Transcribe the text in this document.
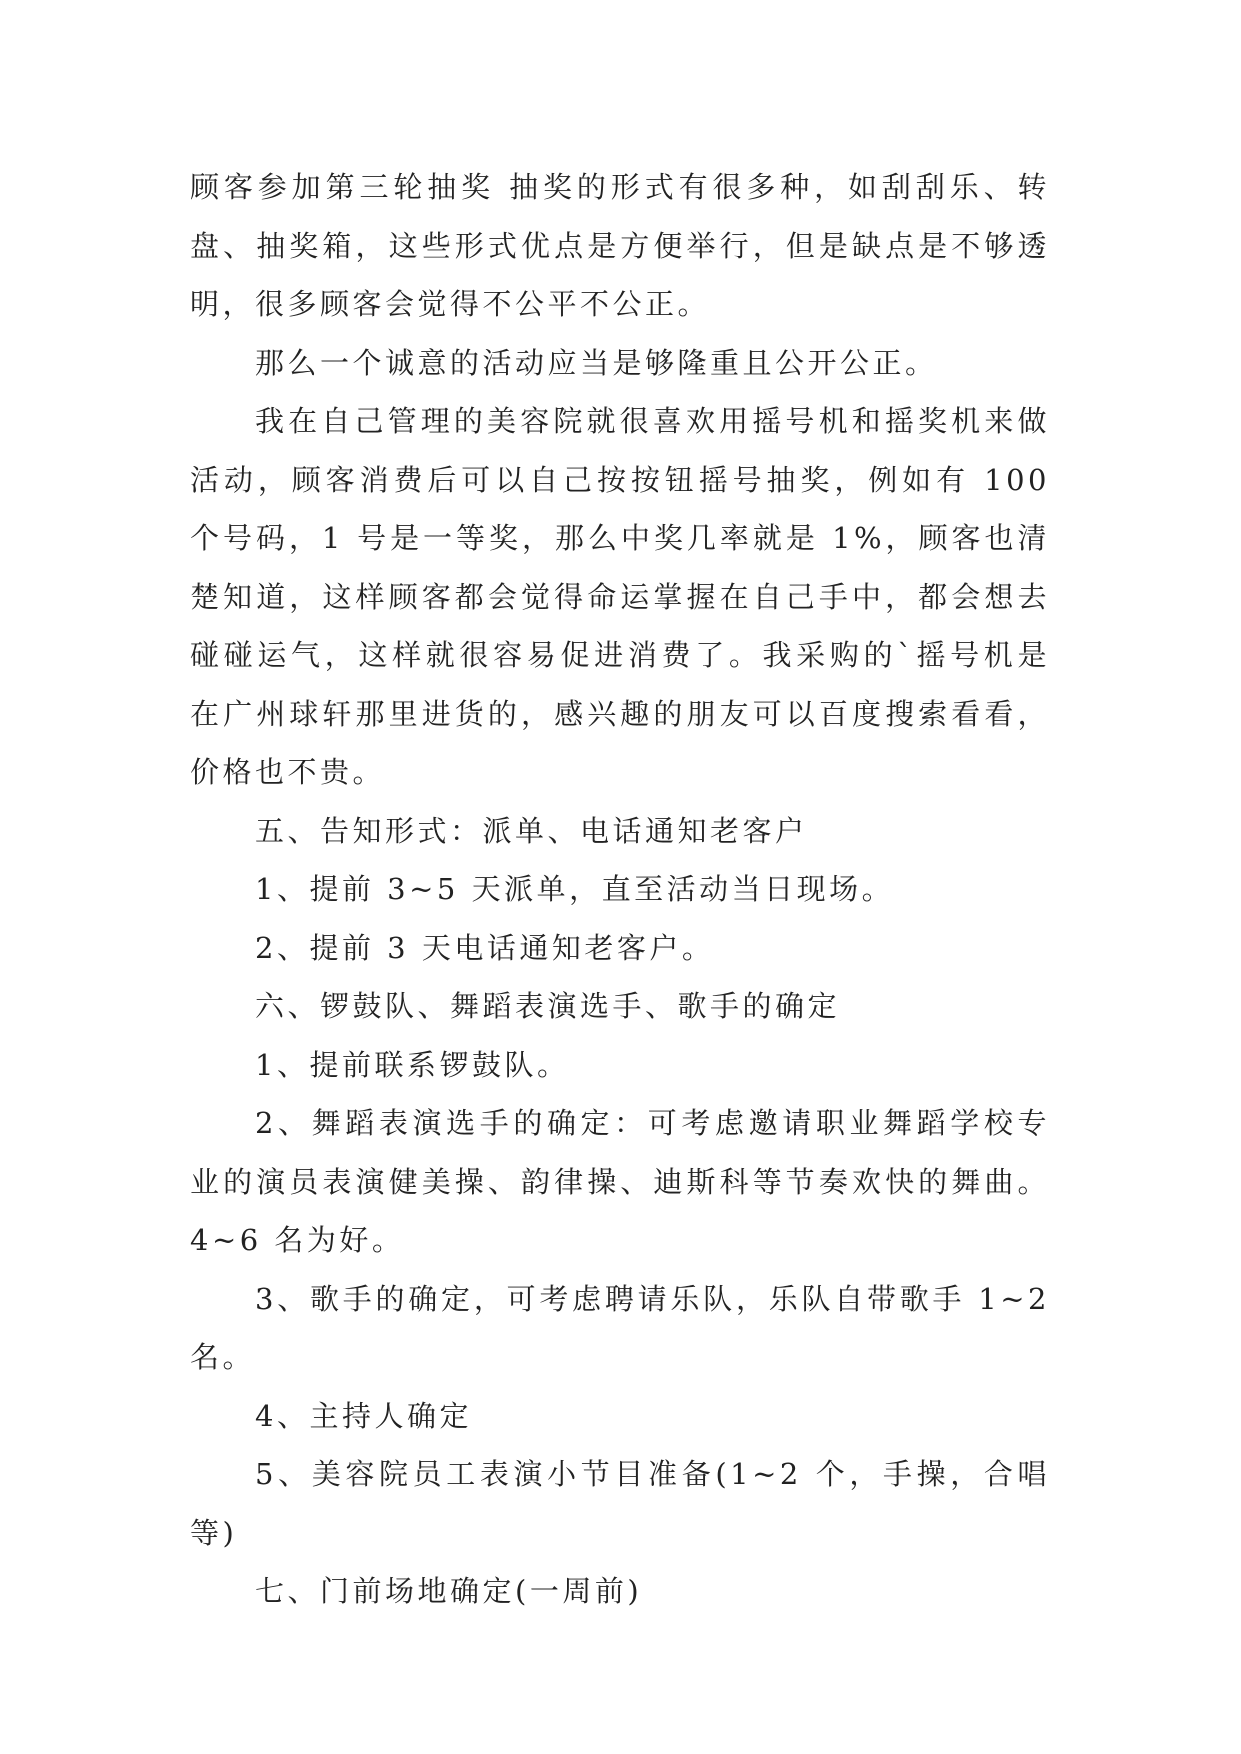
顾客参加第三轮抽奖 抽奖的形式有很多种，如刮刮乐、转盘、抽奖箱，这些形式优点是方便举行，但是缺点是不够透明，很多顾客会觉得不公平不公正。

那么一个诚意的活动应当是够隆重且公开公正。

我在自己管理的美容院就很喜欢用摇号机和摇奖机来做活动，顾客消费后可以自己按按钮摇号抽奖，例如有 100 个号码，1 号是一等奖，那么中奖几率就是 1%，顾客也清楚知道，这样顾客都会觉得命运掌握在自己手中，都会想去碰碰运气，这样就很容易促进消费了。我采购的`摇号机是在广州球轩那里进货的，感兴趣的朋友可以百度搜索看看，价格也不贵。

五、告知形式：派单、电话通知老客户

1、提前 3~5 天派单，直至活动当日现场。

2、提前 3 天电话通知老客户。

六、锣鼓队、舞蹈表演选手、歌手的确定

1、提前联系锣鼓队。

2、舞蹈表演选手的确定：可考虑邀请职业舞蹈学校专业的演员表演健美操、韵律操、迪斯科等节奏欢快的舞曲。4~6 名为好。

3、歌手的确定，可考虑聘请乐队，乐队自带歌手 1~2 名。

4、主持人确定

5、美容院员工表演小节目准备(1~2 个，手操，合唱等)

七、门前场地确定(一周前)
